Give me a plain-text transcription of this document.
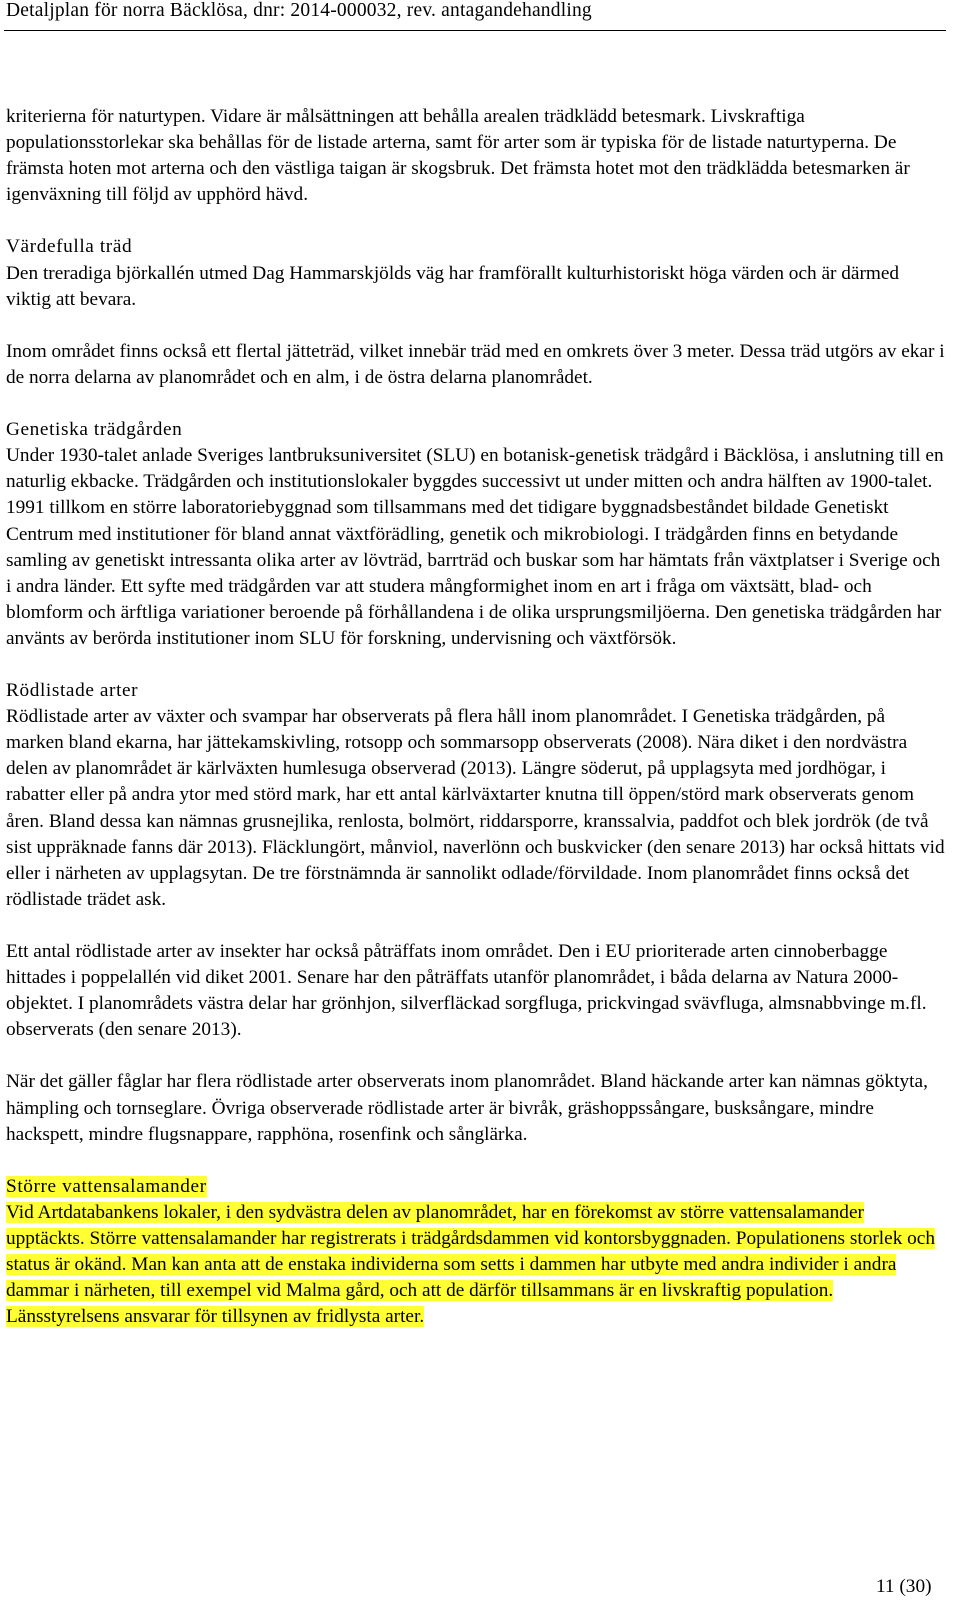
Detaljplan för norra Bäcklösa, dnr: 2014-000032, rev. antagandehandling

kriterierna för naturtypen. Vidare är målsättningen att behålla arealen trädklädd betesmark. Livskraftiga populationsstorlekar ska behållas för de listade arterna, samt för arter som är typiska för de listade naturtyperna. De främsta hoten mot arterna och den västliga taigan är skogsbruk. Det främsta hotet mot den trädklädda betesmarken är igenväxning till följd av upphörd hävd.

Värdefulla träd

Den treradiga björkallén utmed Dag Hammarskjölds väg har framförallt kulturhistoriskt höga värden och är därmed viktig att bevara.

Inom området finns också ett flertal jätteträd, vilket innebär träd med en omkrets över 3 meter. Dessa träd utgörs av ekar i de norra delarna av planområdet och en alm, i de östra delarna planområdet.

Genetiska trädgården

Under 1930-talet anlade Sveriges lantbruksuniversitet (SLU) en botanisk-genetisk trädgård i Bäcklösa, i anslutning till en naturlig ekbacke. Trädgården och institutionslokaler byggdes successivt ut under mitten och andra hälften av 1900-talet. 1991 tillkom en större laboratoriebyggnad som tillsammans med det tidigare byggnadsbeståndet bildade Genetiskt Centrum med institutioner för bland annat växtförädling, genetik och mikrobiologi. I trädgården finns en betydande samling av genetiskt intressanta olika arter av lövträd, barrträd och buskar som har hämtats från växtplatser i Sverige och i andra länder. Ett syfte med trädgården var att studera mångformighet inom en art i fråga om växtsätt, blad- och blomform och ärftliga variationer beroende på förhållandena i de olika ursprungsmiljöerna. Den genetiska trädgården har använts av berörda institutioner inom SLU för forskning, undervisning och växtförsök.

Rödlistade arter

Rödlistade arter av växter och svampar har observerats på flera håll inom planområdet. I Genetiska trädgården, på marken bland ekarna, har jättekamskivling, rotsopp och sommarsopp observerats (2008). Nära diket i den nordvästra delen av planområdet är kärlväxten humlesuga observerad (2013). Längre söderut, på upplagsyta med jordhögar, i rabatter eller på andra ytor med störd mark, har ett antal kärlväxtarter knutna till öppen/störd mark observerats genom åren. Bland dessa kan nämnas grusnejlika, renlosta, bolmört, riddarsporre, kranssalvia, paddfot och blek jordrök (de två sist uppräknade fanns där 2013). Fläcklungört, månviol, naverlönn och buskvicker (den senare 2013) har också hittats vid eller i närheten av upplagsytan. De tre förstnämnda är sannolikt odlade/förvildade. Inom planområdet finns också det rödlistade trädet ask.

Ett antal rödlistade arter av insekter har också påträffats inom området. Den i EU prioriterade arten cinnoberbagge hittades i poppelallén vid diket 2001. Senare har den påträffats utanför planområdet, i båda delarna av Natura 2000-objektet. I planområdets västra delar har grönhjon, silverfläckad sorgfluga, prickvingad svävfluga, almsnabbvinge m.fl. observerats (den senare 2013).

När det gäller fåglar har flera rödlistade arter observerats inom planområdet. Bland häckande arter kan nämnas göktyta, hämpling och tornseglare. Övriga observerade rödlistade arter är bivråk, gräshoppssångare, busksångare, mindre hackspett, mindre flugsnappare, rapphöna, rosenfink och sånglärka.

Större vattensalamander

Vid Artdatabankens lokaler, i den sydvästra delen av planområdet, har en förekomst av större vattensalamander upptäckts. Större vattensalamander har registrerats i trädgårdsdammen vid kontorsbyggnaden. Populationens storlek och status är okänd. Man kan anta att de enstaka individerna som setts i dammen har utbyte med andra individer i andra dammar i närheten, till exempel vid Malma gård, och att de därför tillsammans är en livskraftig population. Länsstyrelsens ansvarar för tillsynen av fridlysta arter.

11 (30)
